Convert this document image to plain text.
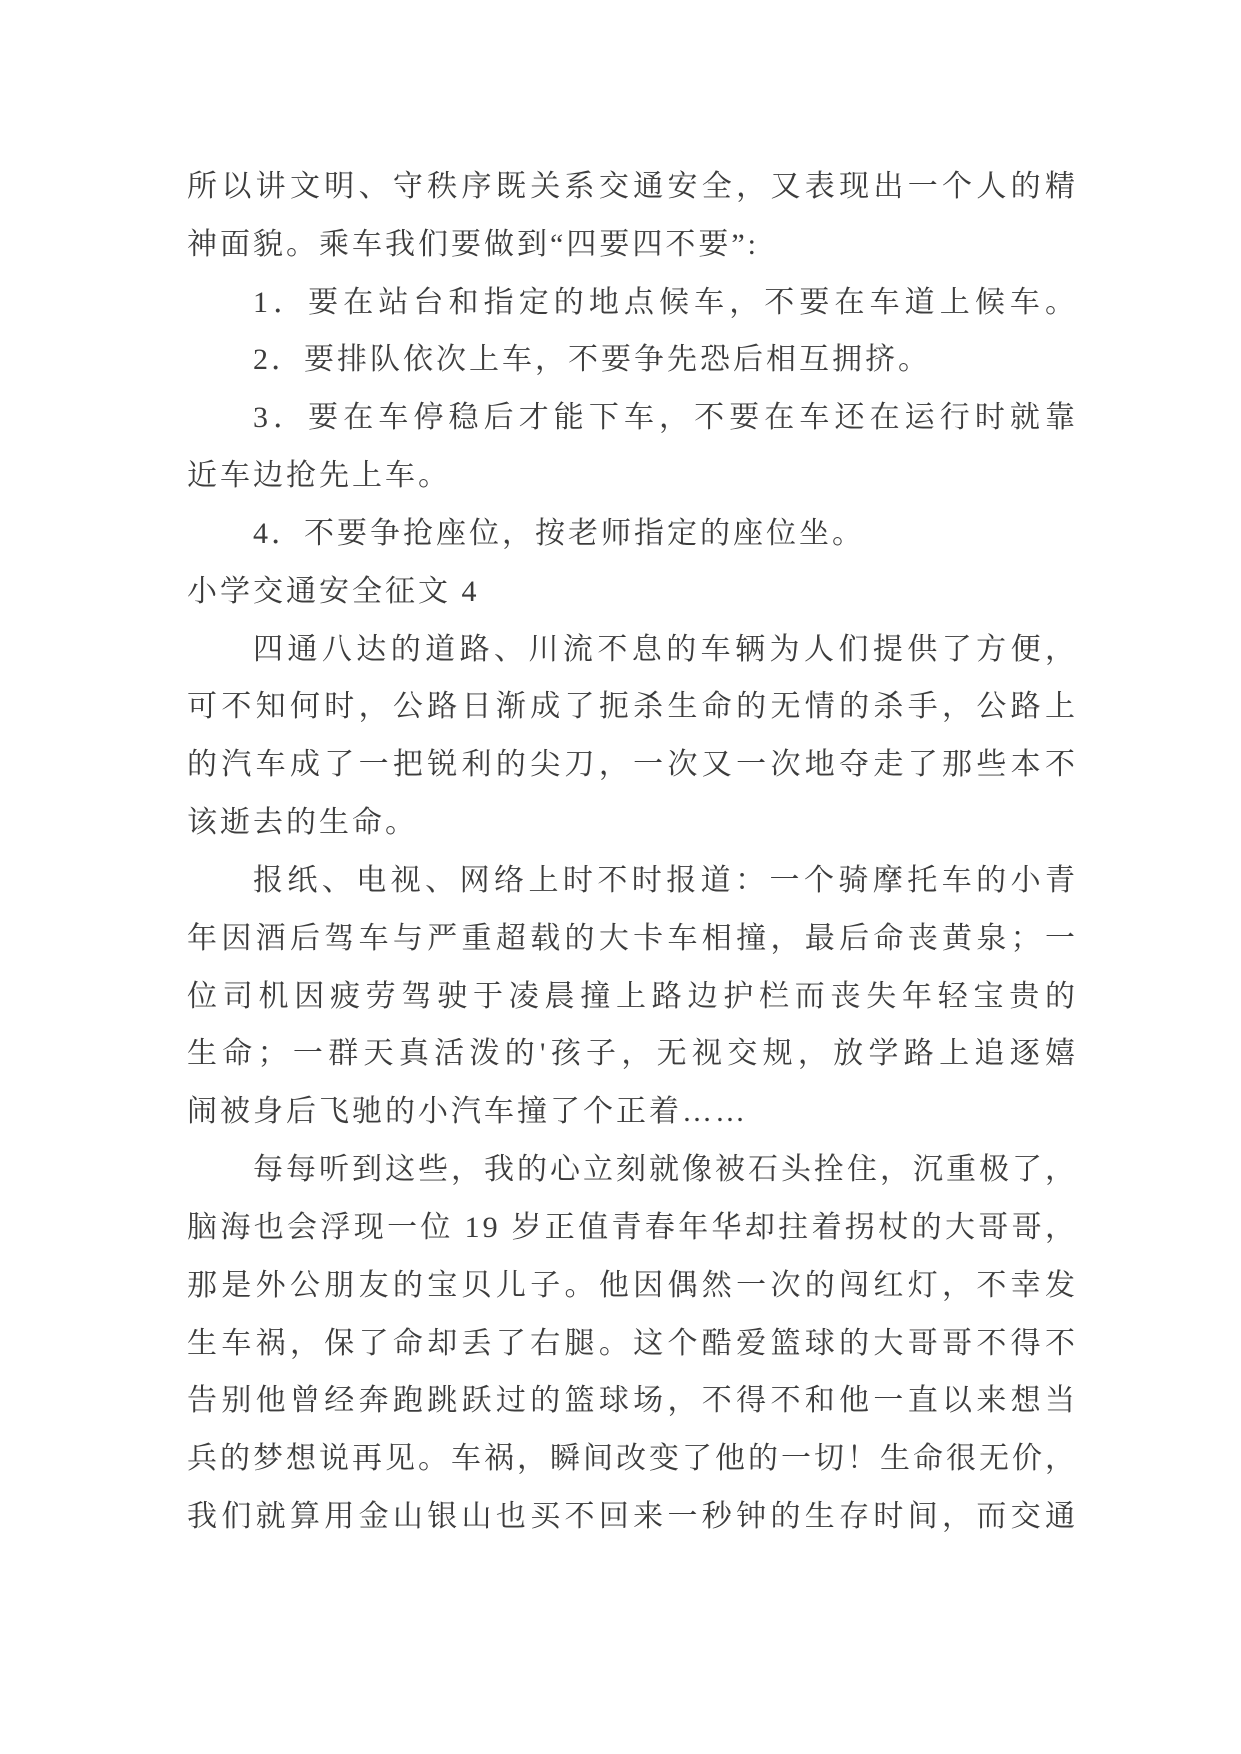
所以讲文明、守秩序既关系交通安全，又表现出一个人的精
神面貌。乘车我们要做到“四要四不要”:
1．要在站台和指定的地点候车，不要在车道上候车。
2．要排队依次上车，不要争先恐后相互拥挤。
3．要在车停稳后才能下车，不要在车还在运行时就靠
近车边抢先上车。
4．不要争抢座位，按老师指定的座位坐。
小学交通安全征文 4
四通八达的道路、川流不息的车辆为人们提供了方便，
可不知何时，公路日渐成了扼杀生命的无情的杀手，公路上
的汽车成了一把锐利的尖刀，一次又一次地夺走了那些本不
该逝去的生命。
报纸、电视、网络上时不时报道：一个骑摩托车的小青
年因酒后驾车与严重超载的大卡车相撞，最后命丧黄泉；一
位司机因疲劳驾驶于凌晨撞上路边护栏而丧失年轻宝贵的
生命；一群天真活泼的'孩子，无视交规，放学路上追逐嬉
闹被身后飞驰的小汽车撞了个正着……
每每听到这些，我的心立刻就像被石头拴住，沉重极了，
脑海也会浮现一位 19 岁正值青春年华却拄着拐杖的大哥哥，
那是外公朋友的宝贝儿子。他因偶然一次的闯红灯，不幸发
生车祸，保了命却丢了右腿。这个酷爱篮球的大哥哥不得不
告别他曾经奔跑跳跃过的篮球场，不得不和他一直以来想当
兵的梦想说再见。车祸，瞬间改变了他的一切！生命很无价，
我们就算用金山银山也买不回来一秒钟的生存时间，而交通
